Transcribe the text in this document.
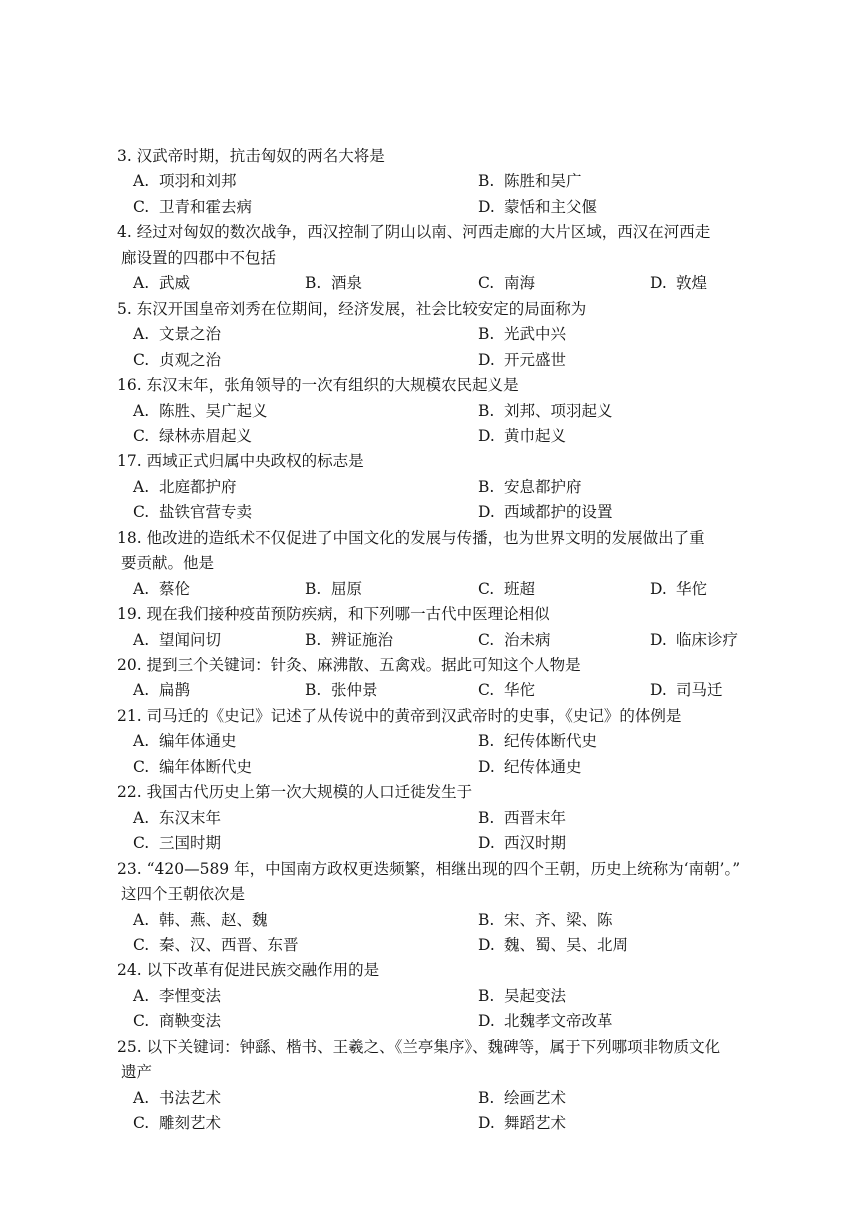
3. 汉武帝时期，抗击匈奴的两名大将是
A. 项羽和刘邦	B. 陈胜和吴广
C. 卫青和霍去病	D. 蒙恬和主父偃
4. 经过对匈奴的数次战争，西汉控制了阴山以南、河西走廊的大片区域，西汉在河西走
廊设置的四郡中不包括
A. 武威	B. 酒泉	C. 南海	D. 敦煌
5. 东汉开国皇帝刘秀在位期间，经济发展，社会比较安定的局面称为
A. 文景之治	B. 光武中兴
C. 贞观之治	D. 开元盛世
16. 东汉末年，张角领导的一次有组织的大规模农民起义是
A. 陈胜、吴广起义	B. 刘邦、项羽起义
C. 绿林赤眉起义	D. 黄巾起义
17. 西域正式归属中央政权的标志是
A. 北庭都护府	B. 安息都护府
C. 盐铁官营专卖	D. 西域都护的设置
18. 他改进的造纸术不仅促进了中国文化的发展与传播，也为世界文明的发展做出了重
要贡献。他是
A. 蔡伦	B. 屈原	C. 班超	D. 华佗
19. 现在我们接种疫苗预防疾病，和下列哪一古代中医理论相似
A. 望闻问切	B. 辨证施治	C. 治未病	D. 临床诊疗
20. 提到三个关键词：针灸、麻沸散、五禽戏。据此可知这个人物是
A. 扁鹊	B. 张仲景	C. 华佗	D. 司马迁
21. 司马迁的《史记》记述了从传说中的黄帝到汉武帝时的史事，《史记》的体例是
A. 编年体通史	B. 纪传体断代史
C. 编年体断代史	D. 纪传体通史
22. 我国古代历史上第一次大规模的人口迁徙发生于
A. 东汉末年	B. 西晋末年
C. 三国时期	D. 西汉时期
23. “420—589 年，中国南方政权更迭频繁，相继出现的四个王朝，历史上统称为‘南朝’。”
这四个王朝依次是
A. 韩、燕、赵、魏	B. 宋、齐、梁、陈
C. 秦、汉、西晋、东晋	D. 魏、蜀、吴、北周
24. 以下改革有促进民族交融作用的是
A. 李悝变法	B. 吴起变法
C. 商鞅变法	D. 北魏孝文帝改革
25. 以下关键词：钟繇、楷书、王羲之、《兰亭集序》、魏碑等，属于下列哪项非物质文化
遗产
A. 书法艺术	B. 绘画艺术
C. 雕刻艺术	D. 舞蹈艺术
